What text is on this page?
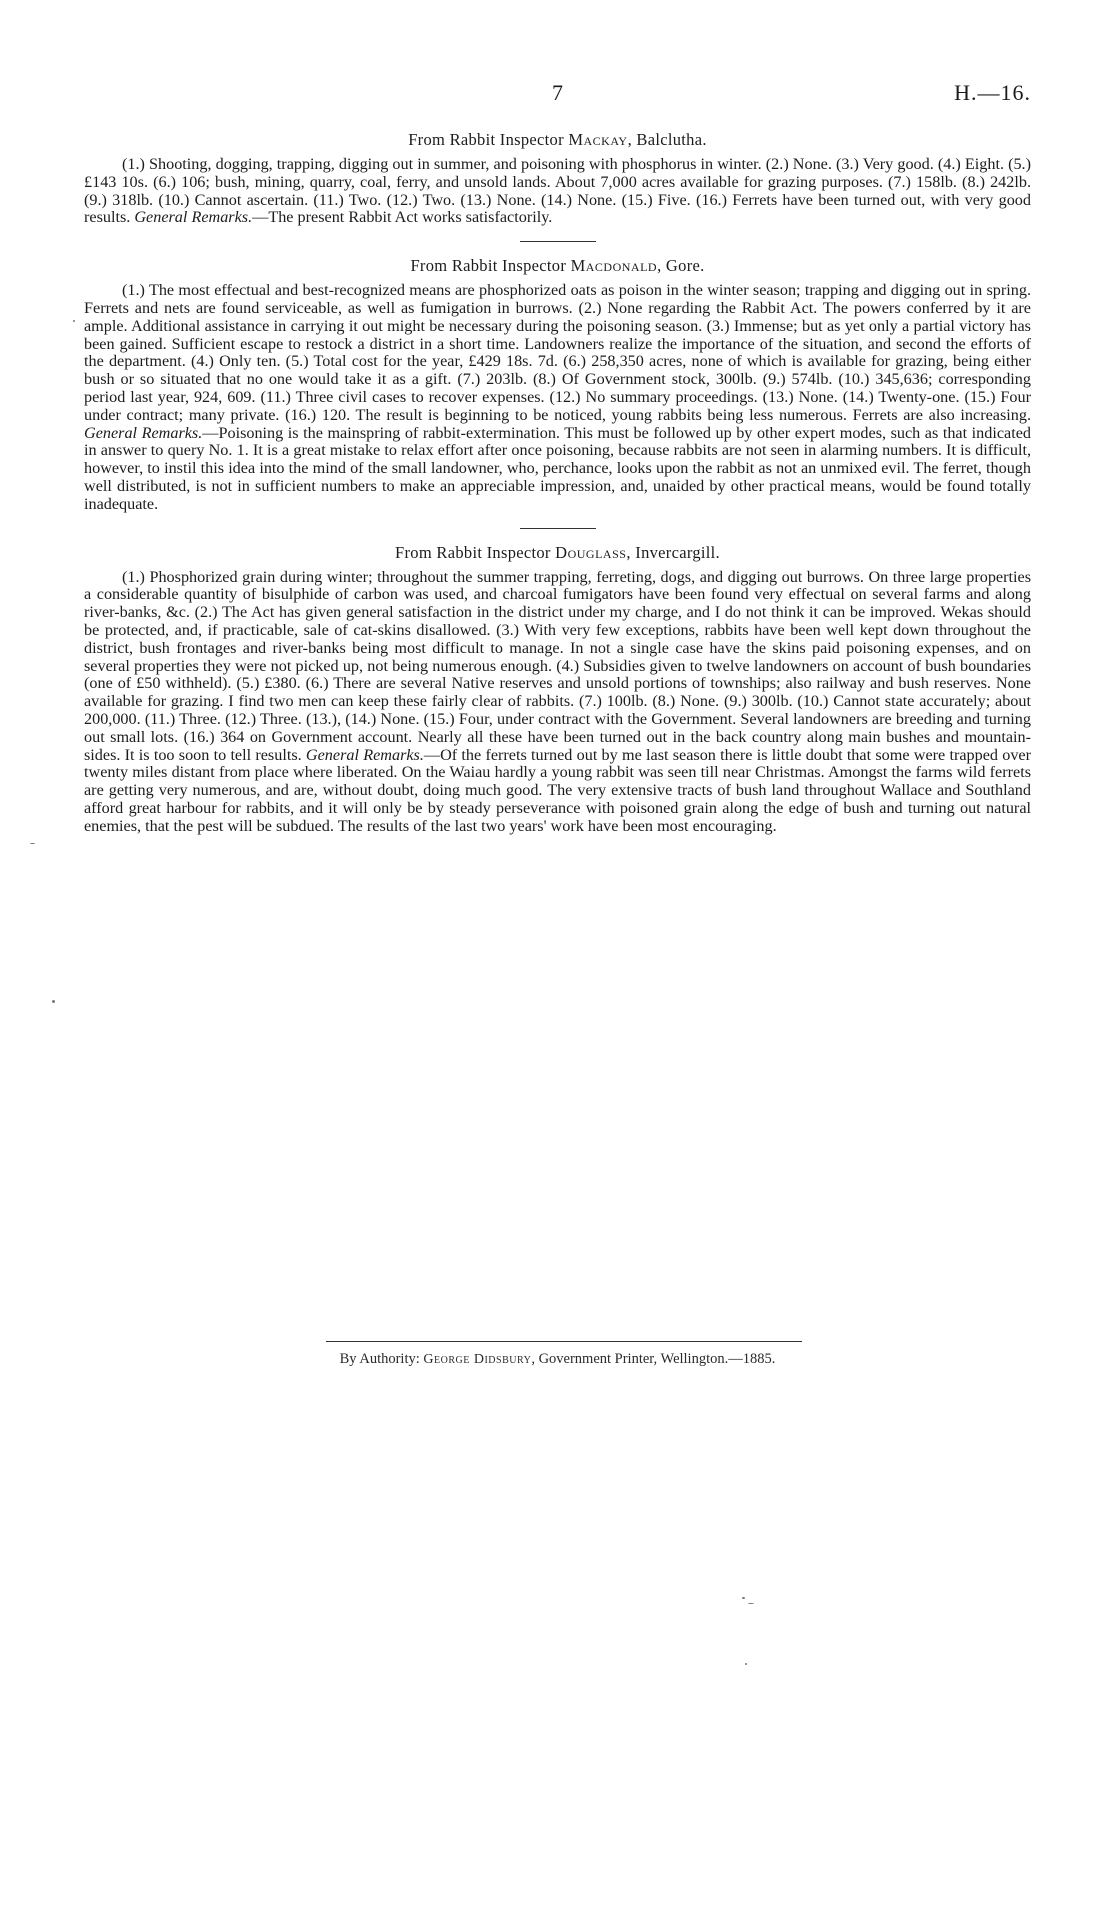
7	H.—16.

From Rabbit Inspector Mackay, Balclutha.

(1.) Shooting, dogging, trapping, digging out in summer, and poisoning with phosphorus in winter. (2.) None. (3.) Very good. (4.) Eight. (5.) £143 10s. (6.) 106; bush, mining, quarry, coal, ferry, and unsold lands. About 7,000 acres available for grazing purposes. (7.) 158lb. (8.) 242lb. (9.) 318lb. (10.) Cannot ascertain. (11.) Two. (12.) Two. (13.) None. (14.) None. (15.) Five. (16.) Ferrets have been turned out, with very good results. General Remarks.—The present Rabbit Act works satisfactorily.

From Rabbit Inspector Macdonald, Gore.

(1.) The most effectual and best-recognized means are phosphorized oats as poison in the winter season; trapping and digging out in spring. Ferrets and nets are found serviceable, as well as fumigation in burrows. (2.) None regarding the Rabbit Act. The powers conferred by it are ample. Additional assistance in carrying it out might be necessary during the poisoning season. (3.) Immense; but as yet only a partial victory has been gained. Sufficient escape to restock a district in a short time. Landowners realize the importance of the situation, and second the efforts of the department. (4.) Only ten. (5.) Total cost for the year, £429 18s. 7d. (6.) 258,350 acres, none of which is available for grazing, being either bush or so situated that no one would take it as a gift. (7.) 203lb. (8.) Of Government stock, 300lb. (9.) 574lb. (10.) 345,636; corresponding period last year, 924, 609. (11.) Three civil cases to recover expenses. (12.) No summary proceedings. (13.) None. (14.) Twenty-one. (15.) Four under contract; many private. (16.) 120. The result is beginning to be noticed, young rabbits being less numerous. Ferrets are also increasing. General Remarks.—Poisoning is the mainspring of rabbit-extermination. This must be followed up by other expert modes, such as that indicated in answer to query No. 1. It is a great mistake to relax effort after once poisoning, because rabbits are not seen in alarming numbers. It is difficult, however, to instil this idea into the mind of the small landowner, who, perchance, looks upon the rabbit as not an unmixed evil. The ferret, though well distributed, is not in sufficient numbers to make an appreciable impression, and, unaided by other practical means, would be found totally inadequate.

From Rabbit Inspector Douglass, Invercargill.

(1.) Phosphorized grain during winter; throughout the summer trapping, ferreting, dogs, and digging out burrows. On three large properties a considerable quantity of bisulphide of carbon was used, and charcoal fumigators have been found very effectual on several farms and along river-banks, &c. (2.) The Act has given general satisfaction in the district under my charge, and I do not think it can be improved. Wekas should be protected, and, if practicable, sale of cat-skins disallowed. (3.) With very few exceptions, rabbits have been well kept down throughout the district, bush frontages and river-banks being most difficult to manage. In not a single case have the skins paid poisoning expenses, and on several properties they were not picked up, not being numerous enough. (4.) Subsidies given to twelve landowners on account of bush boundaries (one of £50 withheld). (5.) £380. (6.) There are several Native reserves and unsold portions of townships; also railway and bush reserves. None available for grazing. I find two men can keep these fairly clear of rabbits. (7.) 100lb. (8.) None. (9.) 300lb. (10.) Cannot state accurately; about 200,000. (11.) Three. (12.) Three. (13.), (14.) None. (15.) Four, under contract with the Government. Several landowners are breeding and turning out small lots. (16.) 364 on Government account. Nearly all these have been turned out in the back country along main bushes and mountain-sides. It is too soon to tell results. General Remarks.—Of the ferrets turned out by me last season there is little doubt that some were trapped over twenty miles distant from place where liberated. On the Waiau hardly a young rabbit was seen till near Christmas. Amongst the farms wild ferrets are getting very numerous, and are, without doubt, doing much good. The very extensive tracts of bush land throughout Wallace and Southland afford great harbour for rabbits, and it will only be by steady perseverance with poisoned grain along the edge of bush and turning out natural enemies, that the pest will be subdued. The results of the last two years' work have been most encouraging.

By Authority: George Didsbury, Government Printer, Wellington.—1885.
